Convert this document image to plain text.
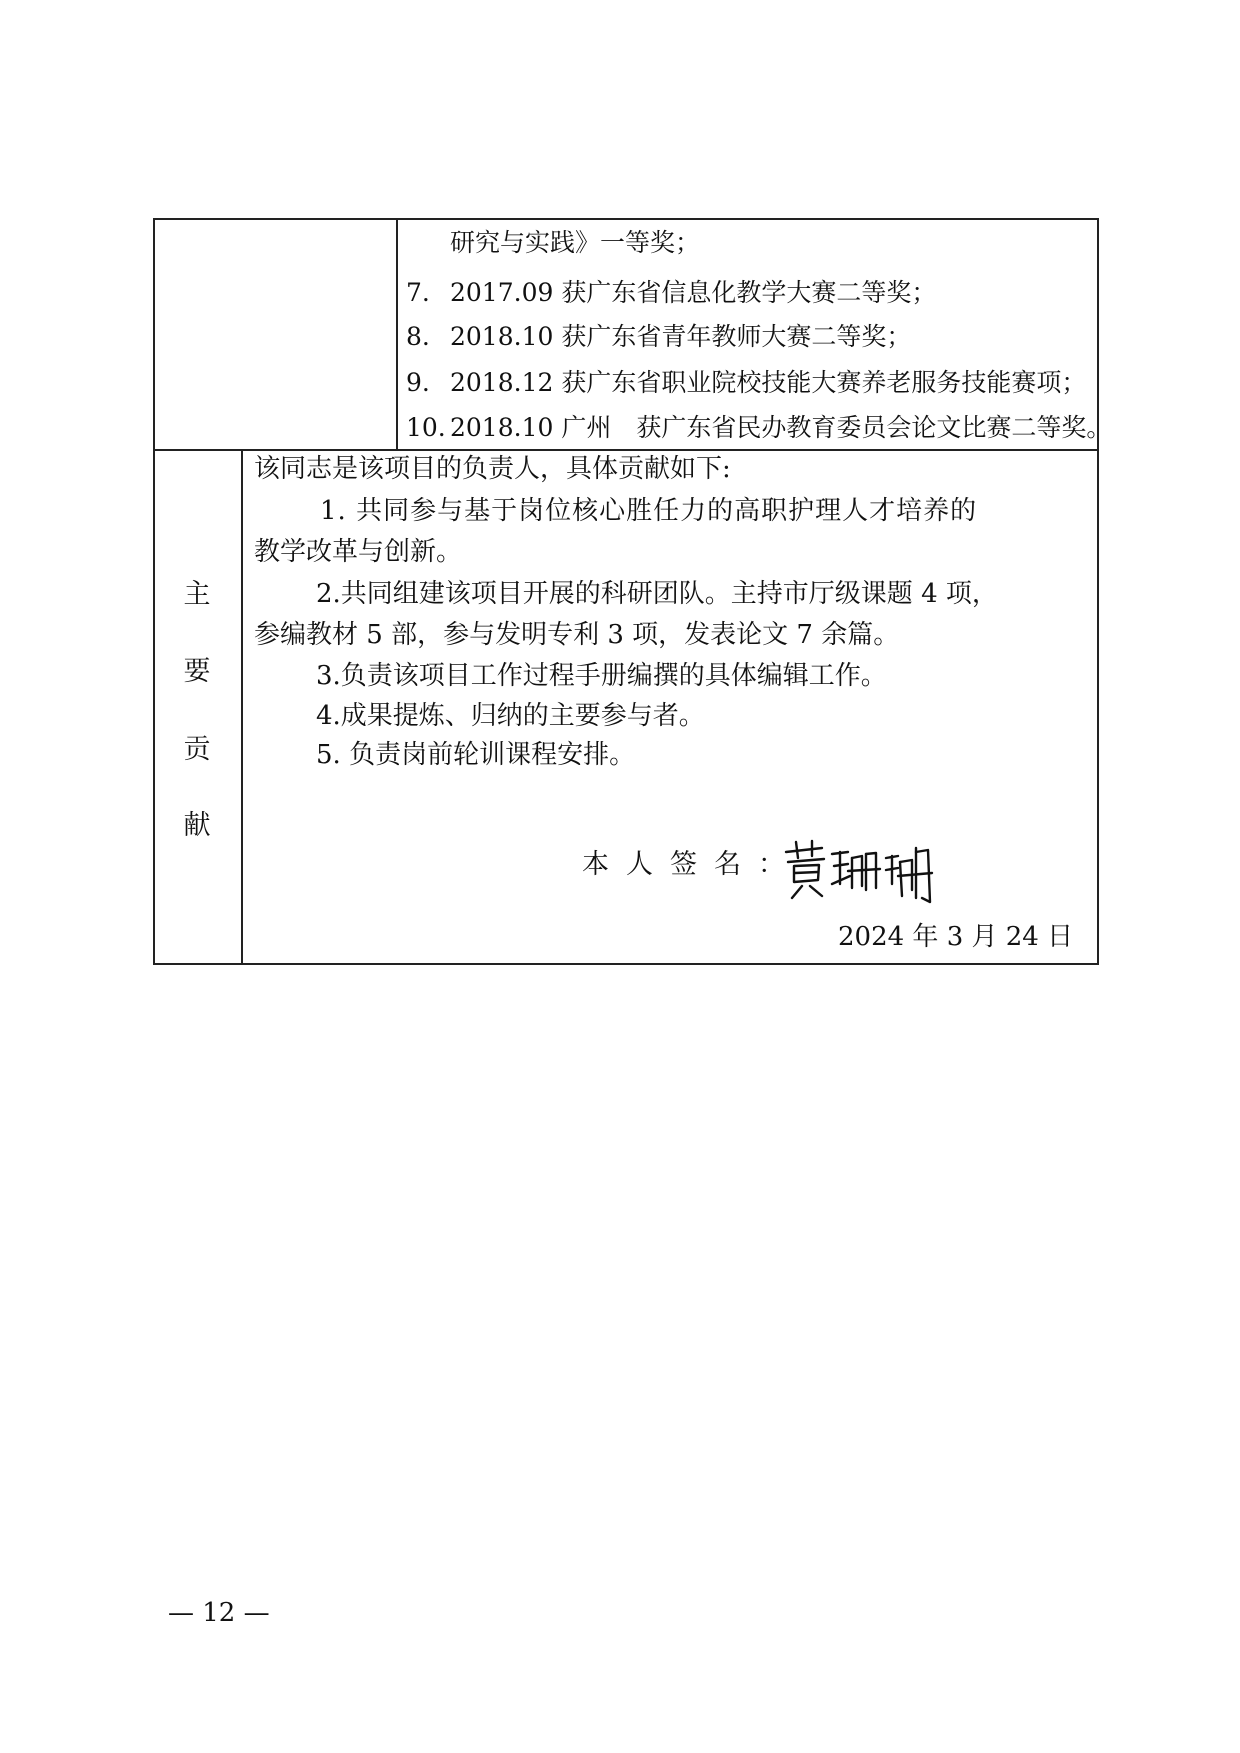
研究与实践》一等奖；
7. 2017.09 获广东省信息化教学大赛二等奖；
8. 2018.10 获广东省青年教师大赛二等奖；
9. 2018.12 获广东省职业院校技能大赛养老服务技能赛项；
10. 2018.10 广州　获广东省民办教育委员会论文比赛二等奖。
主
要
贡
献
该同志是该项目的负责人，具体贡献如下:
1. 共同参与基于岗位核心胜任力的高职护理人才培养的
教学改革与创新。
2.共同组建该项目开展的科研团队。主持市厅级课题 4 项，
参编教材 5 部，参与发明专利 3 项，发表论文 7 余篇。
3.负责该项目工作过程手册编撰的具体编辑工作。
4.成果提炼、归纳的主要参与者。
5. 负责岗前轮训课程安排。
本人签名：
2024 年 3 月 24 日
— 12 —
